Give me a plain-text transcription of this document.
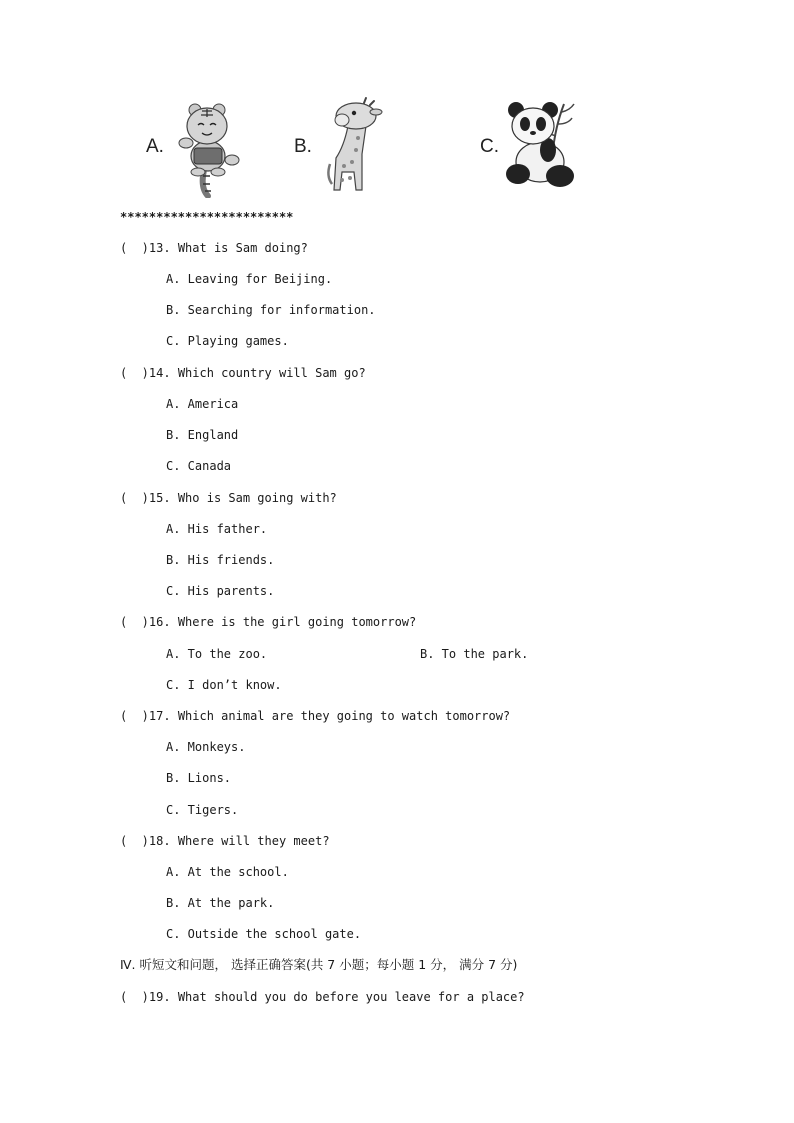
A.	B.	C.
************************
(  )13. What is Sam doing?
A. Leaving for Beijing.
B. Searching for information.
C. Playing games.
(  )14. Which country will Sam go?
A. America
B. England
C. Canada
(  )15. Who is Sam going with?
A. His father.
B. His friends.
C. His parents.
(  )16. Where is the girl going tomorrow?
A. To the zoo.	B. To the park.
C. I don’t know.
(  )17. Which animal are they going to watch tomorrow?
A. Monkeys.
B. Lions.
C. Tigers.
(  )18. Where will they meet?
A. At the school.
B. At the park.
C. Outside the school gate.
Ⅳ. 听短文和问题， 选择正确答案(共 7 小题；每小题 1 分， 满分 7 分)
(  )19. What should you do before you leave for a place?
